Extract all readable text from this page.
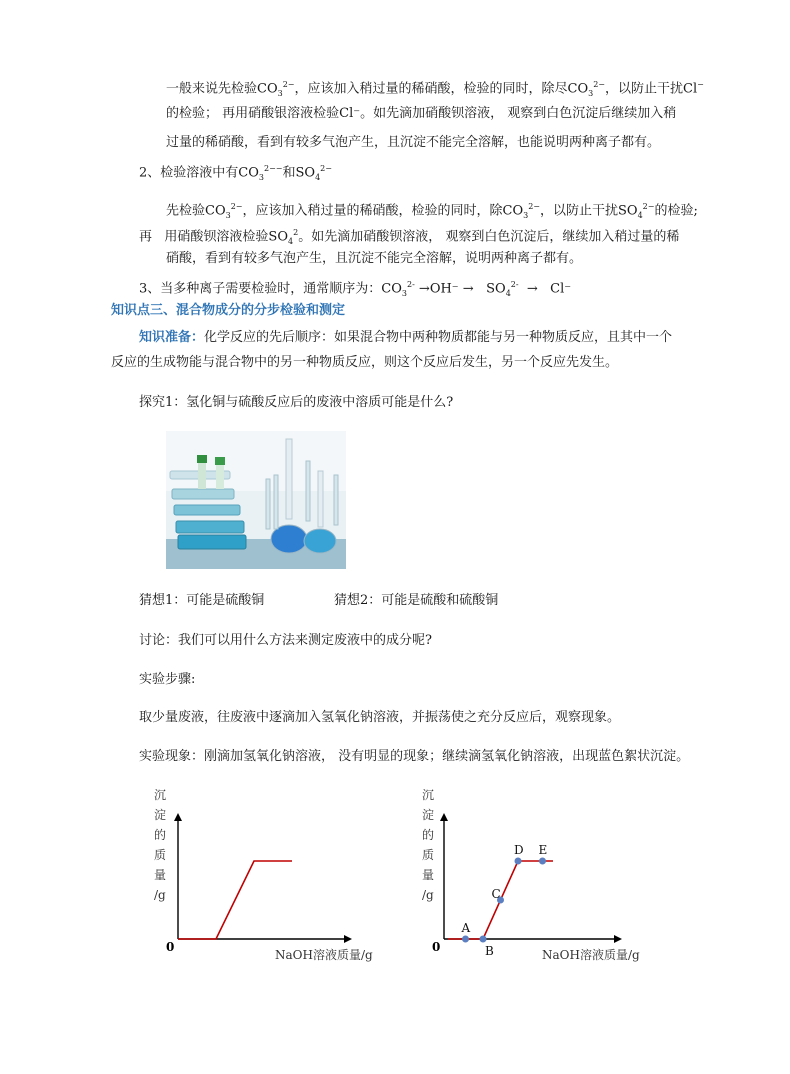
一般来说先检验$CO_3^{2-}$，应该加入稍过量的稀硝酸，检验的同时，除尽$CO_3^{2-}$，以防止干扰Cl−
的检验； 再用硝酸银溶液检验Cl⁻。如先滴加硝酸钡溶液， 观察到白色沉淀后继续加入稍
过量的稀硝酸，看到有较多气泡产生，且沉淀不能完全溶解，也能说明两种离子都有。
2、检验溶液中有$CO_3^{2--}$和$SO_4^{2-}$
先检验$CO_3^{2-}$，应该加入稍过量的稀硝酸，检验的同时，除$CO_3^{2-}$，以防止干扰$SO_4^{2-}$的检验;
再 用硝酸钡溶液检验$SO_4^2$。如先滴加硝酸钡溶液， 观察到白色沉淀后，继续加入稍过量的稀
硝酸，看到有较多气泡产生，且沉淀不能完全溶解，说明两种离子都有。
3、当多种离子需要检验时，通常顺序为：$CO_3^{2-} \to OH^- \to SO_4^{2-} \to Cl^-$
知识点三、混合物成分的分步检验和测定
知识准备：化学反应的先后顺序：如果混合物中两种物质都能与另一种物质反应，且其中一个
反应的生成物能与混合物中的另一种物质反应，则这个反应后发生，另一个反应先发生。
探究1：氢化铜与硫酸反应后的废液中溶质可能是什么?
猜想1：可能是硫酸铜	猜想2：可能是硫酸和硫酸铜
讨论：我们可以用什么方法来测定废液中的成分呢?
实验步骤:
取少量废液，往废液中逐滴加入氢氧化钠溶液，并振荡使之充分反应后，观察现象。
实验现象：刚滴加氢氧化钠溶液， 没有明显的现象；继续滴氢氧化钠溶液，出现蓝色絮状沉淀。
沉
淀
的
质
量
/g
0
NaOH溶液质量/g
沉
淀
的
质
量
/g
0
NaOH溶液质量/g
A
B
C
D E
